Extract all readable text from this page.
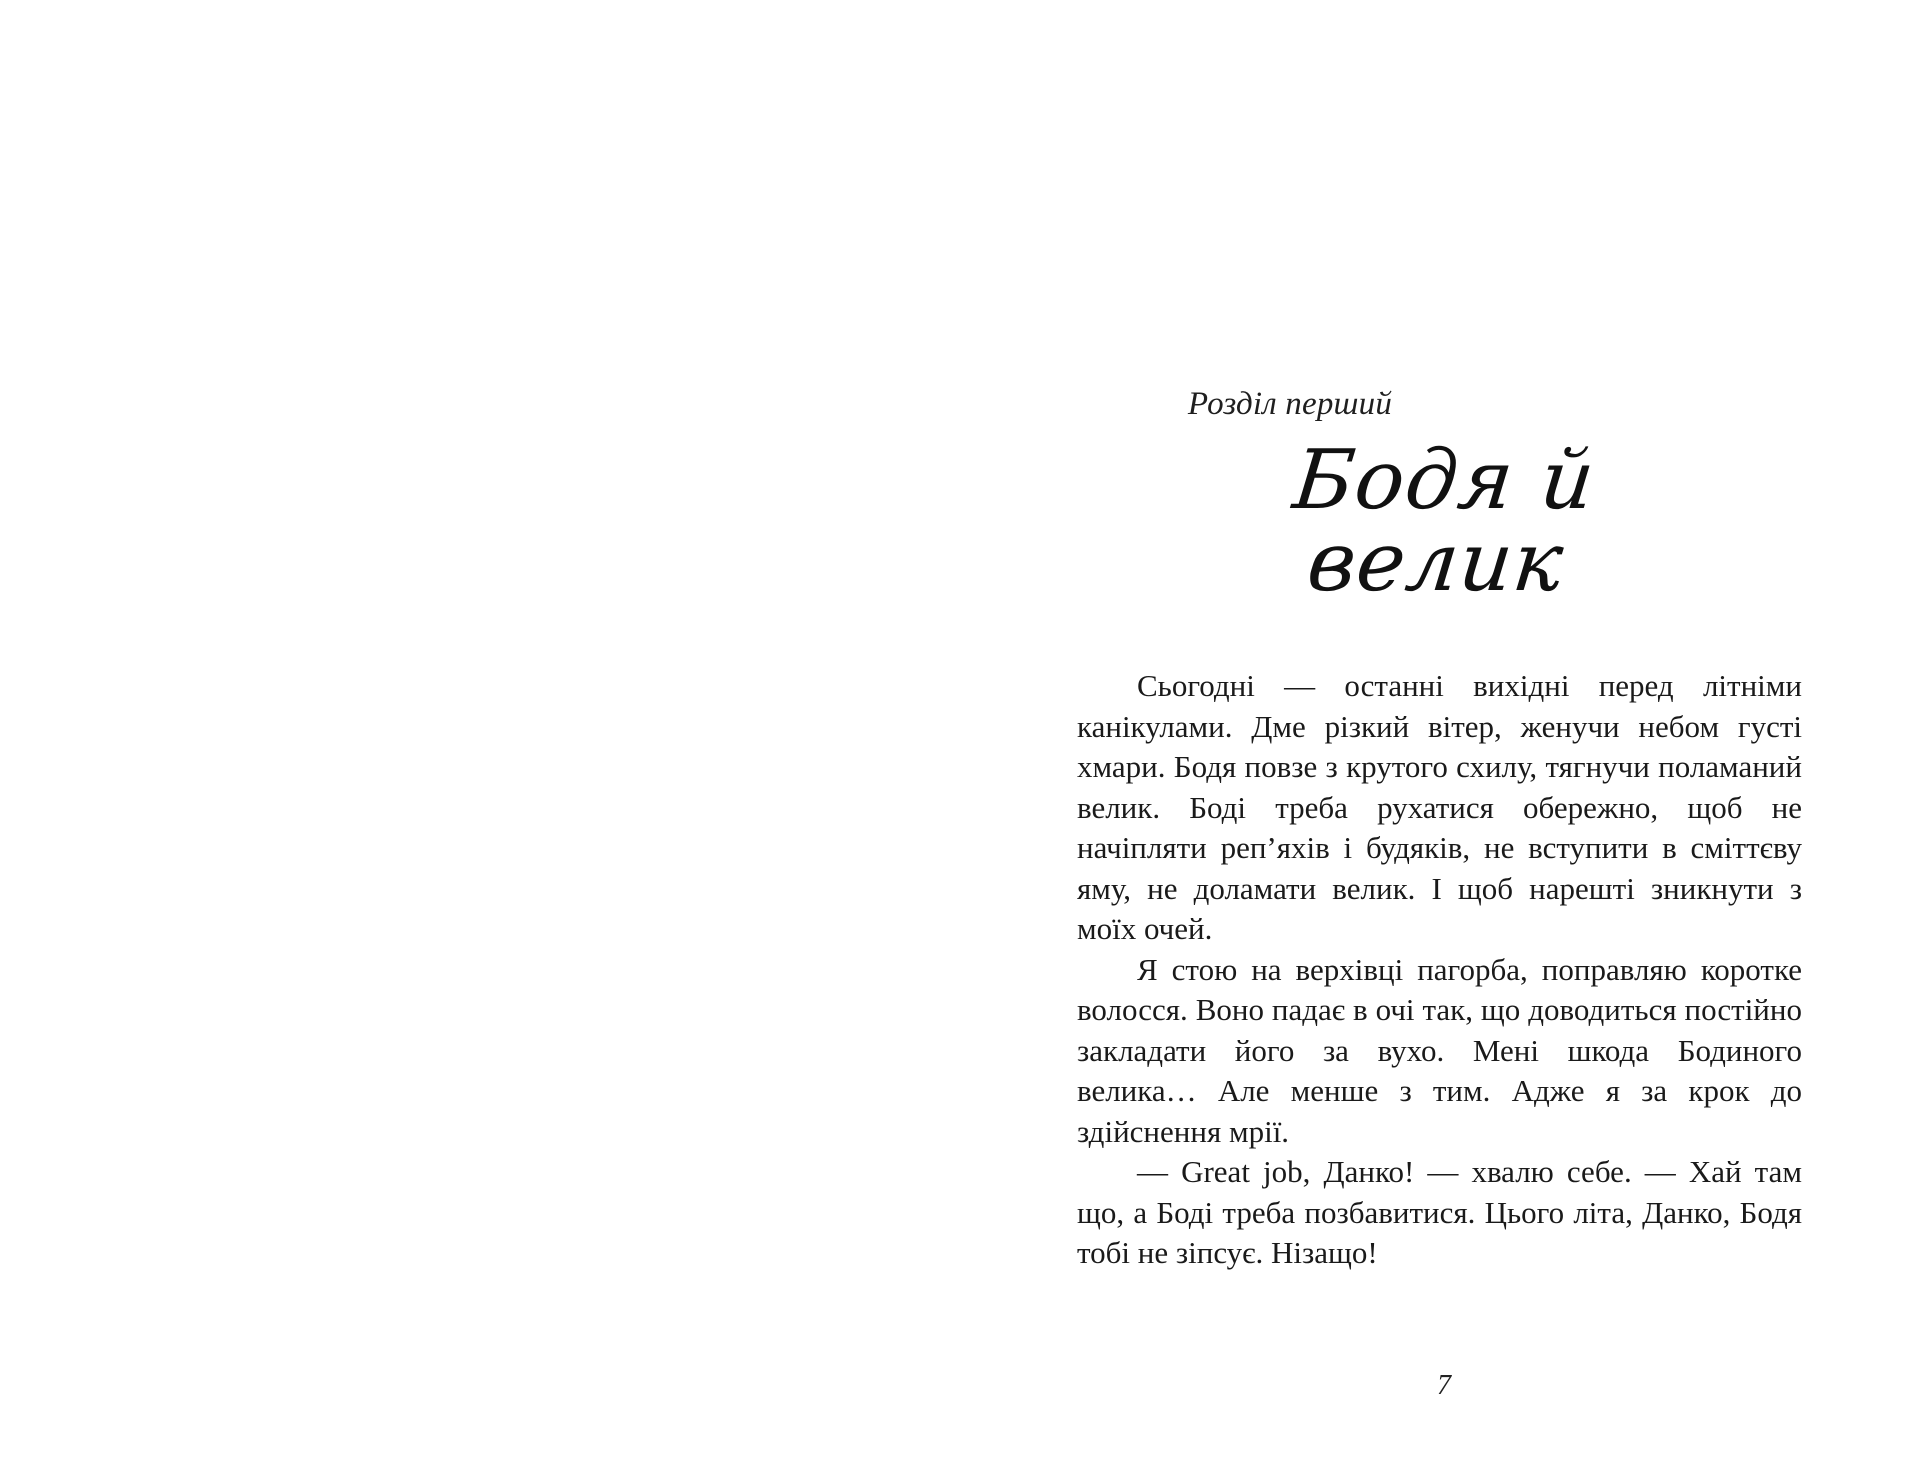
Розділ перший
Бодя й велик

Сьогодні — останні вихідні перед літніми канікулами. Дме різкий вітер, женучи небом густі хмари. Бодя повзе з крутого схилу, тягнучи поламаний велик. Боді треба рухатися обережно, щоб не начіпляти реп’яхів і будяків, не вступити в сміттєву яму, не доламати велик. І щоб нарешті зникнути з моїх очей.

Я стою на верхівці пагорба, поправляю коротке волосся. Воно падає в очі так, що доводиться постійно закладати його за вухо. Мені шкода Бодиного велика… Але менше з тим. Адже я за крок до здійснення мрії.

— Great job, Данко! — хвалю себе. — Хай там що, а Боді треба позбавитися. Цього літа, Данко, Бодя тобі не зіпсує. Нізащо!

7
